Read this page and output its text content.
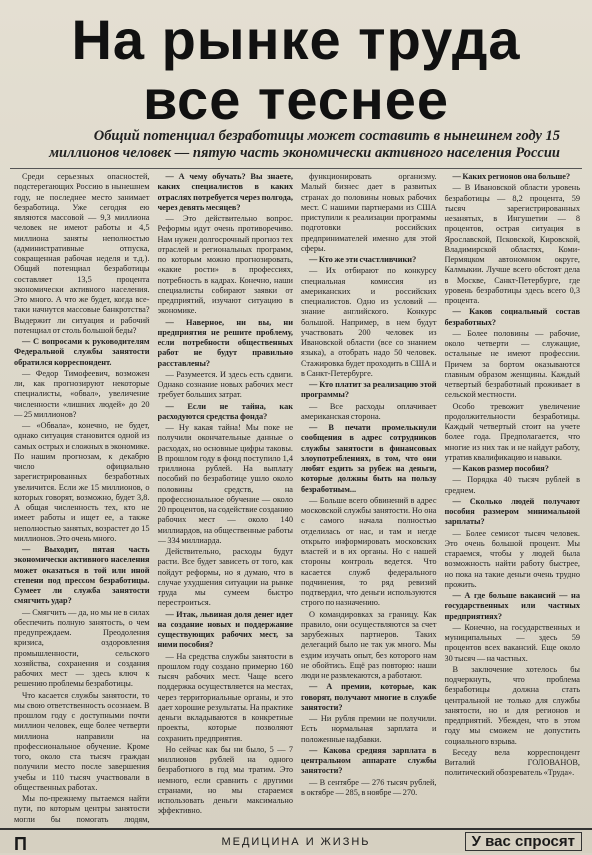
На рынке труда
все теснее
Общий потенциал безработицы может составить в нынешнем году 15 миллионов человек — пятую часть экономически активного населения России

Среди серьезных опасностей, подстерегающих Россию в нынешнем году, не последнее место занимает безработица. Уже сегодня ею являются массовой — 9,3 миллиона человек не имеют работы и 4,5 миллиона заняты неполностью (административные отпуска, сокращенная рабочая неделя и т.д.). Общий потенциал безработицы составляет 13,5 процента экономически активного населения. Это много. А что же будет, когда все-таки начнутся массовые банкротства? Выдержит ли ситуация и рабочий потенциал от столь большой беды?

— С вопросами к руководителям Федеральной службы занятости обратился корреспондент.

— Федор Тимофеевич, возможен ли, как прогнозируют некоторые специалисты, «обвал», увеличение численности «лишних людей» до 20 — 25 миллионов?

— «Обвала», конечно, не будет, однако ситуация становится одной из самых острых и сложных в экономике. По нашим прогнозам, к декабрю число официально зарегистрированных безработных увеличится. Если же 15 миллионов, о которых говорят, возможно, будет 3,8. А общая численность тех, кто не имеет работы и ищет ее, а также неполностью занятых, возрастет до 15 миллионов. Это очень много.

— Выходит, пятая часть экономически активного населения может оказаться в той или иной степени под прессом безработицы. Сумеет ли служба занятости смягчить удар?

— Смягчить — да, но мы не в силах обеспечить полную занятость, о чем предупреждаем. Преодоления кризиса, оздоровления промышленности, сельского хозяйства, сохранения и создания рабочих мест — здесь ключ к решению проблемы безработицы.

Что касается службы занятости, то мы свою ответственность осознаем. В прошлом году с доступными почти миллион человек, еще более четверти миллиона направили на профессиональное обучение. Кроме того, около ста тысяч граждан получили место после завершения учебы и 110 тысяч участвовали в общественных работах.

Мы по-прежнему пытаемся найти пути, по которым центры занятости могли бы помогать людям,

— А чему обучать? Вы знаете, каких специалистов в каких отраслях потребуется через полгода, через девять месяцев?

— Это действительно вопрос. Реформы идут очень противоречиво. Нам нужен долгосрочный прогноз тех отраслей и региональных программ, по которым можно прогнозировать, «какие рости» в профессиях, потребность в кадрах. Конечно, наши специалисты собирают заявки от предприятий, изучают ситуацию в экономике.

— Наверное, ни вы, ни предприятия не решите проблему, если потребности общественных работ не будут правильно расставлены?

— Разумеется. И здесь есть сдвиги. Однако сознание новых рабочих мест требует больших затрат.

— Если не тайна, как расходуются средства фонда?

— Ну какая тайна! Мы поке не получили окончательные данные о расходах, но основные цифры таковы. В прошлом году в фонд поступило 1,4 триллиона рублей. На выплату пособий по безработице ушло около половины средств, на профессиональное обучение — около 20 процентов, на содействие созданию рабочих мест — около 140 миллиардов, на общественные работы — 334 миллиарда.

Действительно, расходы будут расти. Все будет зависеть от того, как пойдут реформы, но я думаю, что в случае ухудшения ситуации на рынке труда мы сумеем быстро перестроиться.

— Итак, львиная доля денег идет на создание новых и поддержание существующих рабочих мест, за ними пособия?

— На средства службы занятости в прошлом году создано примерно 160 тысяч рабочих мест. Чаще всего поддержка осуществляется на местах, через территориальные органы, и это дает хорошие результаты. На практике деньги вкладываются в конкретные проекты, которые позволяют сохранить предприятия.

Но сейчас как бы ни было, 5 — 7 миллионов рублей на одного безработного в год мы тратим. Это немного, если сравнить с другими странами, но мы стараемся использовать деньги максимально эффективно.

функционировать организму. Малый бизнес дает в развитых странах до половины новых рабочих мест. С нашими партнерами из США приступили к реализации программы подготовки российских предпринимателей именно для этой сферы.

— Кто же эти счастливчики?

— Их отбирают по конкурсу специальная комиссия из американских и российских специалистов. Одно из условий — знание английского. Конкурс большой. Например, в нем будут участвовать 200 человек из Ивановской области (все со знанием языка), а отобрать надо 50 человек. Стажировка будет проходить в США и в Санкт-Петербурге.

— Кто платит за реализацию этой программы?

— Все расходы оплачивает американская сторона.

— В печати промелькнули сообщения в адрес сотрудников службы занятости в финансовых злоупотреблениях, в том, что они любят ездить за рубеж на деньги, которые должны быть на пользу безработным...

— Больше всего обвинений в адрес московской службы занятости. Но она с самого начала полностью отделилась от нас, и там и негде открыто информировать московских властей и в их органы. Но с нашей стороны контроль ведется. Что касается служб федерального подчинения, то ряд ревизий подтвердил, что деньги используются строго по назначению.

О командировках за границу. Как правило, они осуществляются за счет зарубежных партнеров. Таких делегаций было не так уж много. Мы ездим изучать опыт, без которого нам не обойтись. Ещё раз повторю: наши люди не развлекаются, а работают.

— А премии, которые, как говорят, получают многие в службе занятости?

— Ни рубля премии не получили. Есть нормальная зарплата и положенные надбавки.

— Какова средняя зарплата в центральном аппарате службы занятости?

— В сентябре — 276 тысяч рублей, в октябре — 285, в ноябре — 270.

— Каких регионов она больше?

— В Ивановской области уровень безработицы — 8,2 процента, 59 тысяч зарегистрированных незанятых, в Ингушетии — 8 процентов, острая ситуация в Ярославской, Псковской, Кировской, Владимирской областях, Коми-Пермяцком автономном округе, Калмыкии. Лучше всего обстоят дела в Москве, Санкт-Петербурге, где уровень безработицы здесь всего 0,3 процента.

— Каков социальный состав безработных?

— Более половины — рабочие, около четверти — служащие, остальные не имеют профессии. Причем за бортом оказываются главным образом женщины. Каждый четвертый безработный проживает в сельской местности.

Особо тревожит увеличение продолжительности безработицы. Каждый четвертый стоит на учете более года. Предполагается, что многие из них так и не найдут работу, утратив квалификацию и навыки.

— Каков размер пособия?

— Порядка 40 тысяч рублей в среднем.

— Сколько людей получают пособия размером минимальной зарплаты?

— Более семисот тысяч человек. Это очень большой процент. Мы стараемся, чтобы у людей была возможность найти работу быстрее, но пока на такие деньги очень трудно прожить.

— А где больше вакансий — на государственных или частных предприятиях?

— Конечно, на государственных и муниципальных — здесь 59 процентов всех вакансий. Еще около 30 тысяч — на частных.

В заключение хотелось бы подчеркнуть, что проблема безработицы должна стать центральной не только для службы занятости, но и для регионов и предприятий. Убежден, что в этом году мы сможем не допустить социального взрыва.

Беседу вела корреспондент Виталий ГОЛОВАНОВ, политический обозреватель «Труда».

П	МЕДИЦИНА И ЖИЗНЬ	У вас спросят
